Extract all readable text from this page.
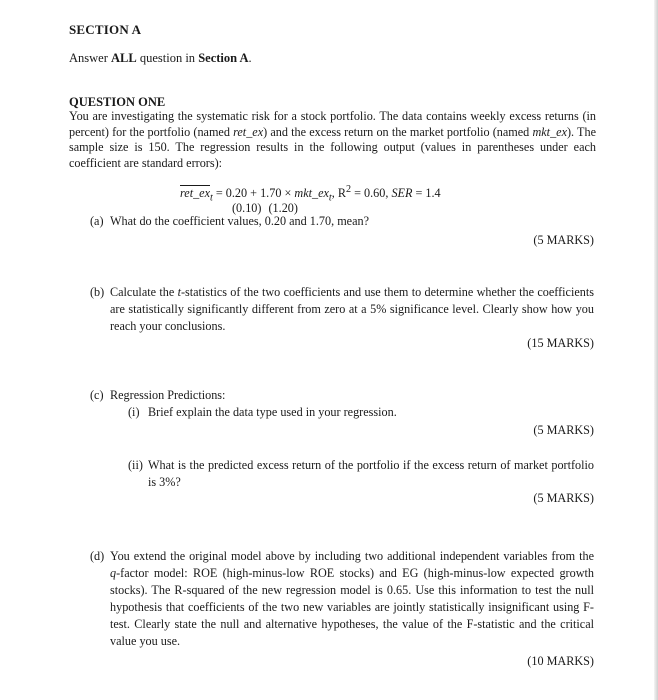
SECTION A
Answer ALL question in Section A.
QUESTION ONE
You are investigating the systematic risk for a stock portfolio. The data contains weekly excess returns (in percent) for the portfolio (named ret_ex) and the excess return on the market portfolio (named mkt_ex). The sample size is 150. The regression results in the following output (values in parentheses under each coefficient are standard errors):
$ret\_ex_t = 0.20 + 1.70$ × $mkt\_ex_t$, $R^2 = 0.60$, SER = 1.4
(0.10) (1.20)
(a) What do the coefficient values, 0.20 and 1.70, mean?
(5 MARKS)
(b) Calculate the t-statistics of the two coefficients and use them to determine whether the coefficients are statistically significantly different from zero at a 5% significance level. Clearly show how you reach your conclusions.
(15 MARKS)
(c) Regression Predictions:
(i) Brief explain the data type used in your regression.
(5 MARKS)
(ii) What is the predicted excess return of the portfolio if the excess return of market portfolio is 3%?
(5 MARKS)
(d) You extend the original model above by including two additional independent variables from the q-factor model: ROE (high-minus-low ROE stocks) and EG (high-minus-low expected growth stocks). The R-squared of the new regression model is 0.65. Use this information to test the null hypothesis that coefficients of the two new variables are jointly statistically insignificant using F-test. Clearly state the null and alternative hypotheses, the value of the F-statistic and the critical value you use.
(10 MARKS)
